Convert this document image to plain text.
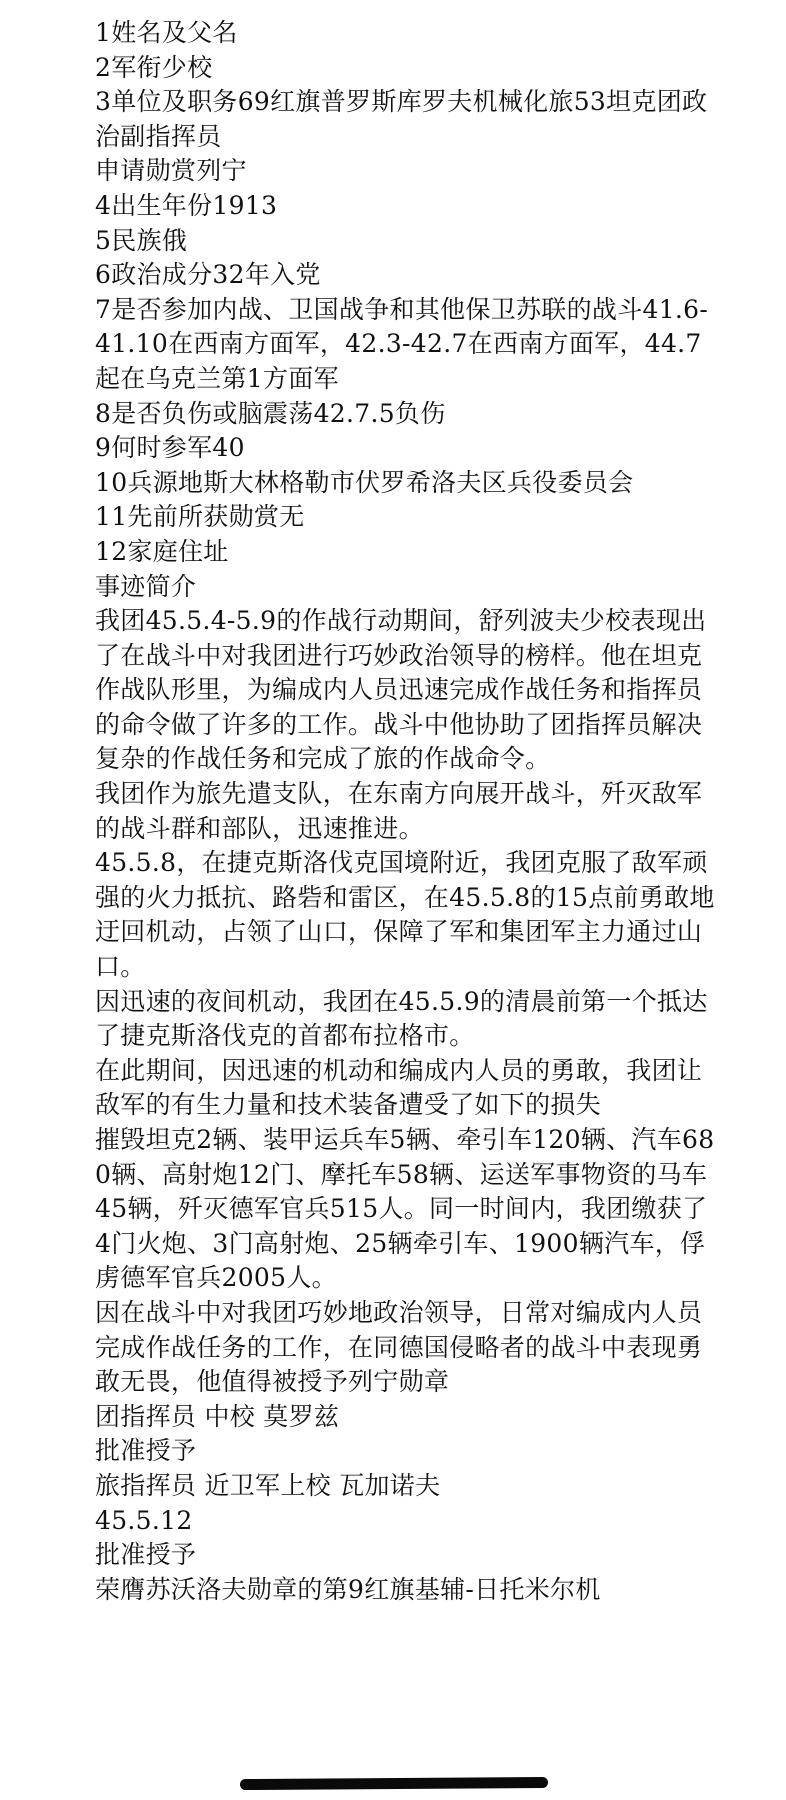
1姓名及父名

2军衔少校

3单位及职务69红旗普罗斯库罗夫机械化旅53坦克团政治副指挥员

申请勋赏列宁

4出生年份1913

5民族俄

6政治成分32年入党

7是否参加内战、卫国战争和其他保卫苏联的战斗41.6-41.10在西南方面军，42.3-42.7在西南方面军，44.7起在乌克兰第1方面军

8是否负伤或脑震荡42.7.5负伤

9何时参军40

10兵源地斯大林格勒市伏罗希洛夫区兵役委员会

11先前所获勋赏无

12家庭住址

事迹简介

我团45.5.4-5.9的作战行动期间，舒列波夫少校表现出了在战斗中对我团进行巧妙政治领导的榜样。他在坦克作战队形里，为编成内人员迅速完成作战任务和指挥员的命令做了许多的工作。战斗中他协助了团指挥员解决复杂的作战任务和完成了旅的作战命令。

我团作为旅先遣支队，在东南方向展开战斗，歼灭敌军的战斗群和部队，迅速推进。

45.5.8，在捷克斯洛伐克国境附近，我团克服了敌军顽强的火力抵抗、路砦和雷区，在45.5.8的15点前勇敢地迂回机动，占领了山口，保障了军和集团军主力通过山口。

因迅速的夜间机动，我团在45.5.9的清晨前第一个抵达了捷克斯洛伐克的首都布拉格市。

在此期间，因迅速的机动和编成内人员的勇敢，我团让敌军的有生力量和技术装备遭受了如下的损失

摧毁坦克2辆、装甲运兵车5辆、牵引车120辆、汽车680辆、高射炮12门、摩托车58辆、运送军事物资的马车45辆，歼灭德军官兵515人。同一时间内，我团缴获了4门火炮、3门高射炮、25辆牵引车、1900辆汽车，俘虏德军官兵2005人。

因在战斗中对我团巧妙地政治领导，日常对编成内人员完成作战任务的工作，在同德国侵略者的战斗中表现勇敢无畏，他值得被授予列宁勋章

团指挥员 中校 莫罗兹

批准授予

旅指挥员 近卫军上校 瓦加诺夫

45.5.12

批准授予

荣膺苏沃洛夫勋章的第9红旗基辅-日托米尔机
